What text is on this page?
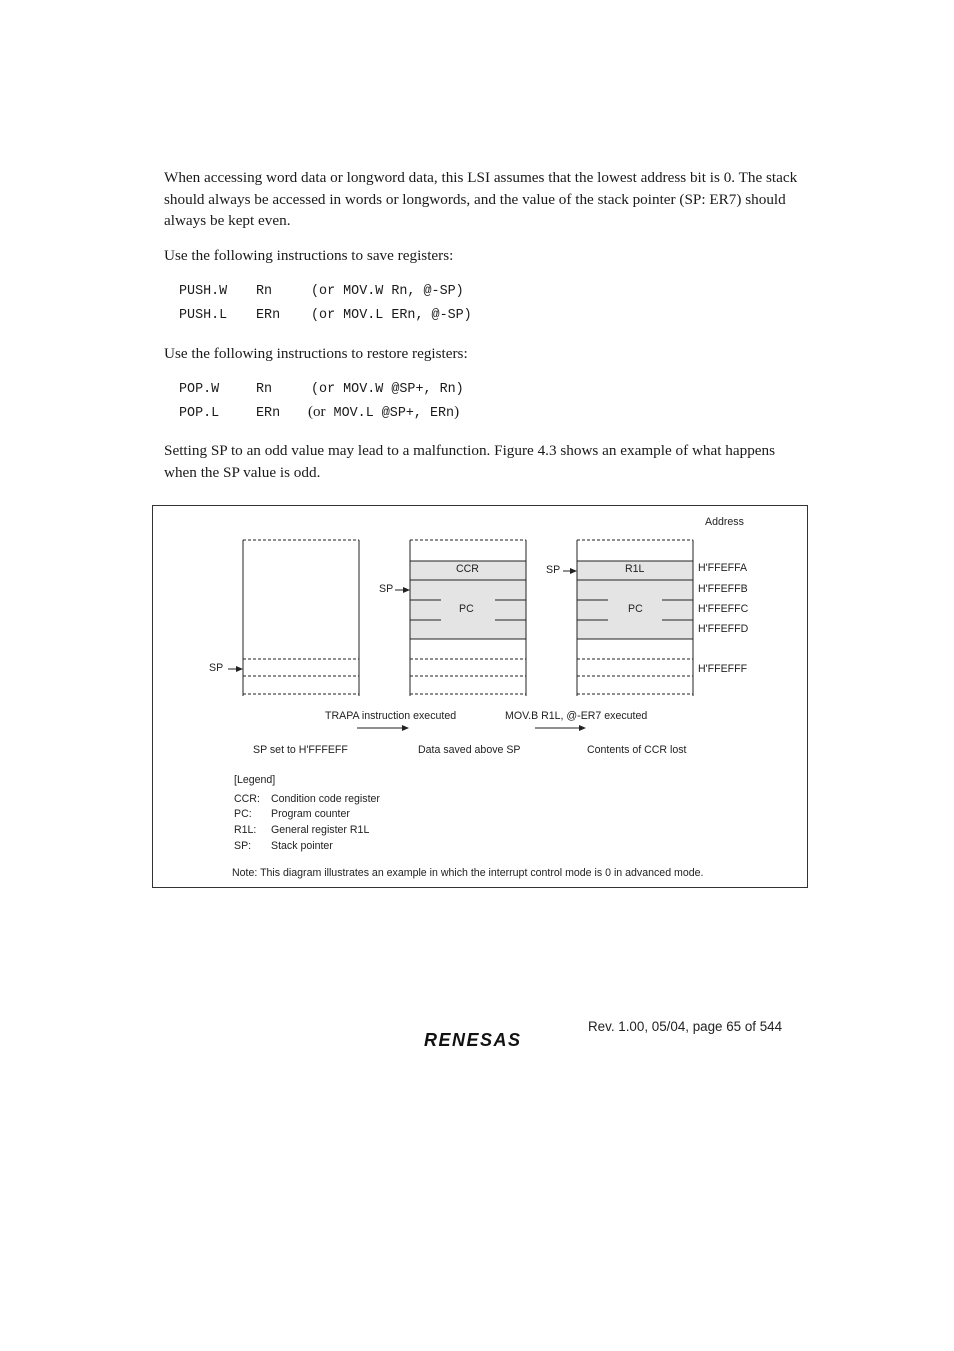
When accessing word data or longword data, this LSI assumes that the lowest address bit is 0. The stack should always be accessed in words or longwords, and the value of the stack pointer (SP: ER7) should always be kept even.

Use the following instructions to save registers:

PUSH.W Rn	(or MOV.W Rn, @-SP)
PUSH.L ERn (or MOV.L ERn, @-SP)

Use the following instructions to restore registers:

POP.W	Rn	(or MOV.W @SP+, Rn)
POP.L	ERn (or MOV.L @SP+, ERn)

Setting SP to an odd value may lead to a malfunction. Figure 4.3 shows an example of what happens when the SP value is odd.

Address
H'FFEFFA
H'FFEFFB
H'FFEFFC
H'FFEFFD
H'FFEFFF
SP
SP
SP
CCR
PC
R1L
PC
TRAPA instruction executed	MOV.B R1L, @-ER7 executed
SP set to H'FFFEFF	Data saved above SP	Contents of CCR lost
[Legend]
CCR: Condition code register
PC: Program counter
R1L: General register R1L
SP: Stack pointer
Note: This diagram illustrates an example in which the interrupt control mode is 0 in advanced mode.
Rev. 1.00, 05/04, page 65 of 544
RENESAS
